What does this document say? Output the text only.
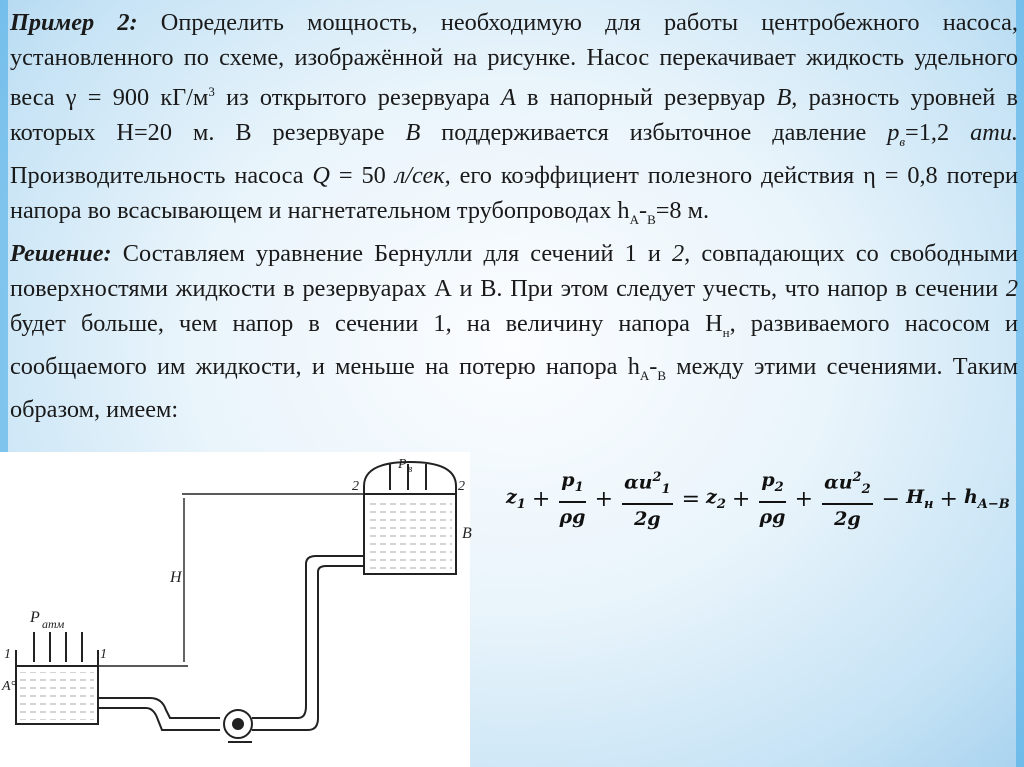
Пример 2: Определить мощность, необходимую для работы центробежного насоса, установленного по схеме, изображённой на рисунке. Насос перекачивает жидкость удельного веса γ = 900 $кГ/м^3$ из открытого резервуара А в напорный резервуар B, разность уровней в которых H=20 м. В резервуаре B поддерживается избыточное давление $p_в=1,2$ ати. Производительность насоса Q = 50 л/сек, его коэффициент полезного действия η = 0,8 потери напора во всасывающем и нагнетательном трубопроводах $h_A-_B=8$ м.

Решение: Составляем уравнение Бернулли для сечений 1 и 2, совпадающих со свободными поверхностями жидкости в резервуарах А и В. При этом следует учесть, что напор в сечении 2 будет больше, чем напор в сечении 1, на величину напора $H_н$, развиваемого насосом и сообщаемого им жидкости, и меньше на потерю напора $h_A-_B$ между этими сечениями. Таким образом, имеем:

P атм
P в
H
A°
B
1	1
2	2 $z_1 + \frac{p_1}{\rho g} + \frac{\alpha u^2_1}{2g} = z_2 + \frac{p_2}{\rho g} + \frac{\alpha u^2_2}{2g} - H_н + h_{A-B}$
